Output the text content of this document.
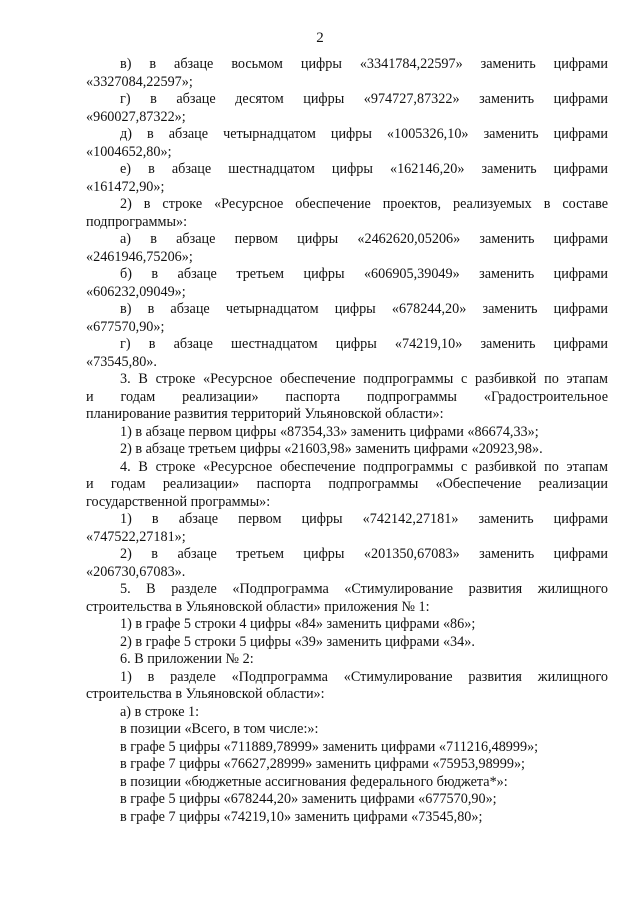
2
в) в абзаце восьмом цифры «3341784,22597» заменить цифрами
«3327084,22597»;
г) в абзаце десятом цифры «974727,87322» заменить цифрами
«960027,87322»;
д) в абзаце четырнадцатом цифры «1005326,10» заменить цифрами
«1004652,80»;
е) в абзаце шестнадцатом цифры «162146,20» заменить цифрами
«161472,90»;
2) в строке «Ресурсное обеспечение проектов, реализуемых в составе
подпрограммы»:
а) в абзаце первом цифры «2462620,05206» заменить цифрами
«2461946,75206»;
б) в абзаце третьем цифры «606905,39049» заменить цифрами
«606232,09049»;
в) в абзаце четырнадцатом цифры «678244,20» заменить цифрами
«677570,90»;
г) в абзаце шестнадцатом цифры «74219,10» заменить цифрами
«73545,80».
3. В строке «Ресурсное обеспечение подпрограммы с разбивкой по этапам
и годам реализации» паспорта подпрограммы «Градостроительное
планирование развития территорий Ульяновской области»:
1) в абзаце первом цифры «87354,33» заменить цифрами «86674,33»;
2) в абзаце третьем цифры «21603,98» заменить цифрами «20923,98».
4. В строке «Ресурсное обеспечение подпрограммы с разбивкой по этапам
и годам реализации» паспорта подпрограммы «Обеспечение реализации
государственной программы»:
1) в абзаце первом цифры «742142,27181» заменить цифрами
«747522,27181»;
2) в абзаце третьем цифры «201350,67083» заменить цифрами
«206730,67083».
5. В разделе «Подпрограмма «Стимулирование развития жилищного
строительства в Ульяновской области» приложения № 1:
1) в графе 5 строки 4 цифры «84» заменить цифрами «86»;
2) в графе 5 строки 5 цифры «39» заменить цифрами «34».
6. В приложении № 2:
1) в разделе «Подпрограмма «Стимулирование развития жилищного
строительства в Ульяновской области»:
а) в строке 1:
в позиции «Всего, в том числе:»:
в графе 5 цифры «711889,78999» заменить цифрами «711216,48999»;
в графе 7 цифры «76627,28999» заменить цифрами «75953,98999»;
в позиции «бюджетные ассигнования федерального бюджета*»:
в графе 5 цифры «678244,20» заменить цифрами «677570,90»;
в графе 7 цифры «74219,10» заменить цифрами «73545,80»;
